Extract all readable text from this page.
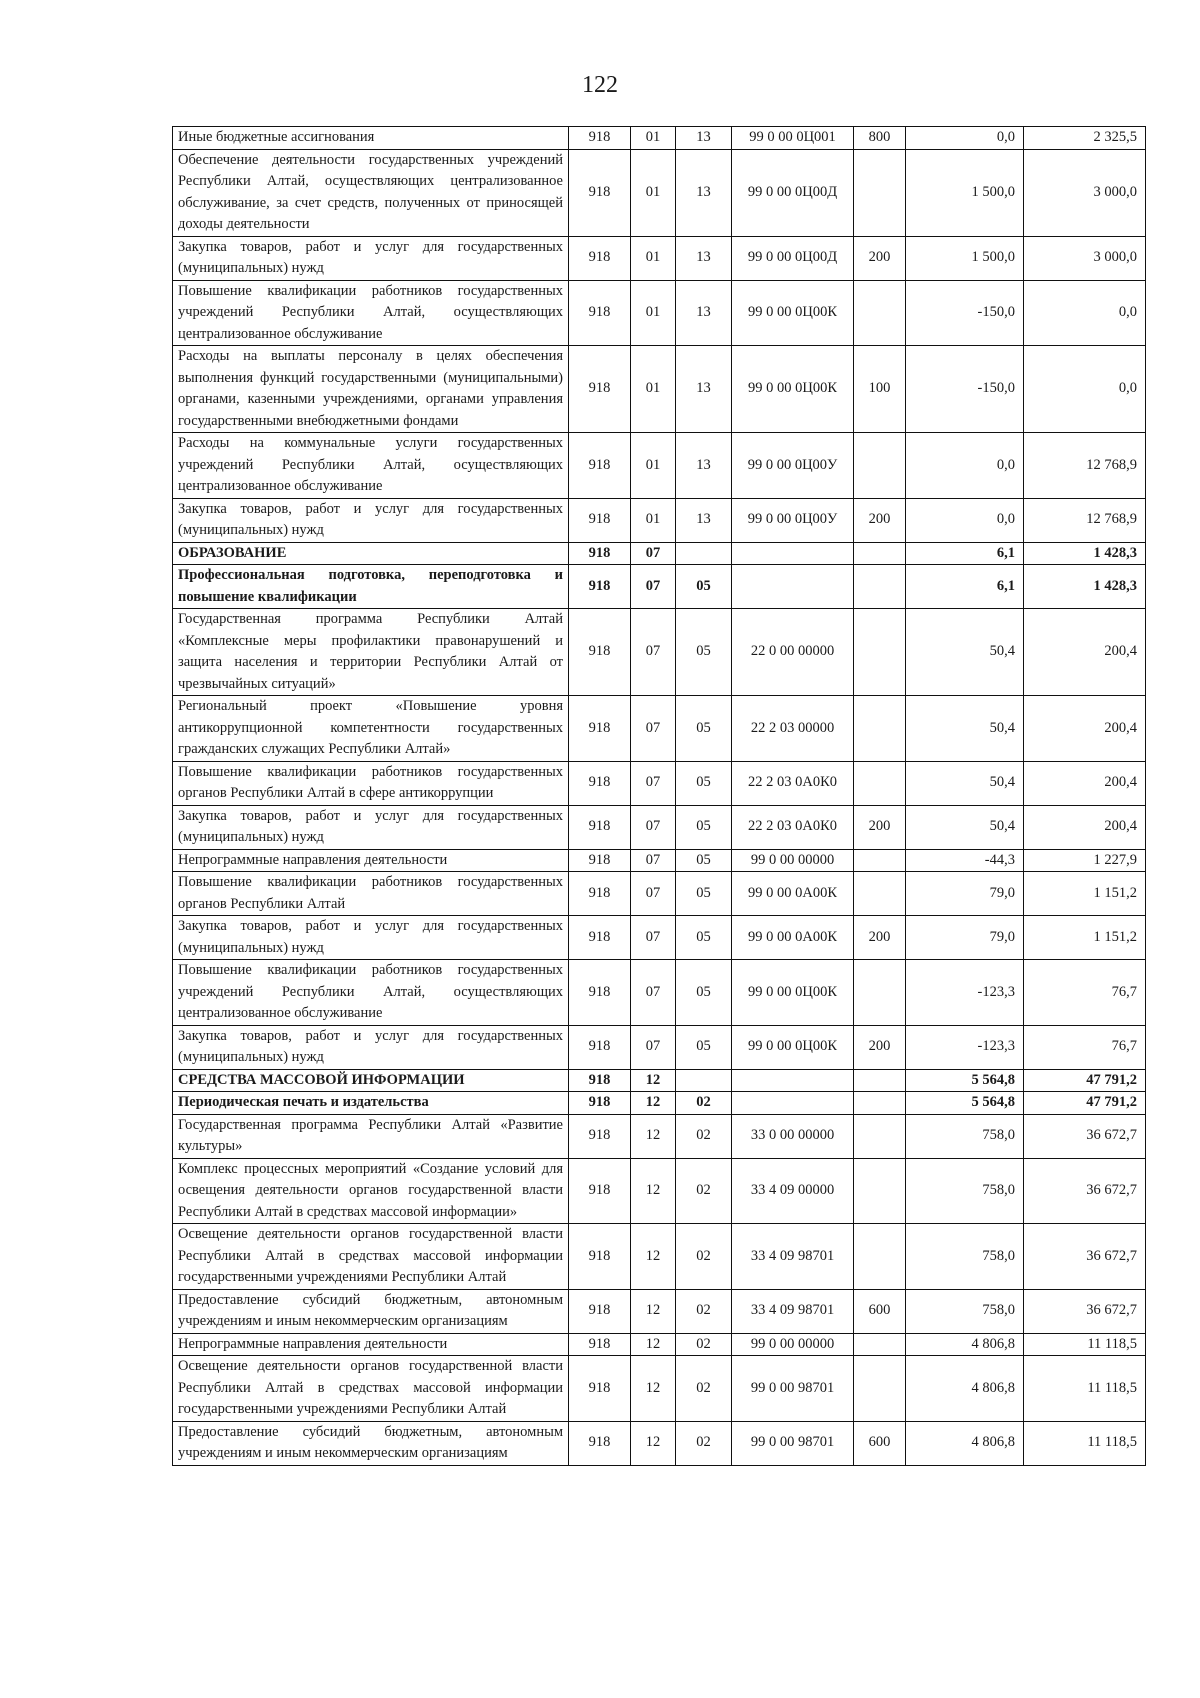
122
Иные бюджетные ассигнования	918	01	13	99 0 00 0Ц001	800	0,0	2 325,5
Обеспечение деятельности государственных учреждений Республики Алтай, осуществляющих централизованное обслуживание, за счет средств, полученных от приносящей доходы деятельности	918	01	13	99 0 00 0Ц00Д		1 500,0	3 000,0
Закупка товаров, работ и услуг для государственных (муниципальных) нужд	918	01	13	99 0 00 0Ц00Д	200	1 500,0	3 000,0
Повышение квалификации работников государственных учреждений Республики Алтай, осуществляющих централизованное обслуживание	918	01	13	99 0 00 0Ц00К		-150,0	0,0
Расходы на выплаты персоналу в целях обеспечения выполнения функций государственными (муниципальными) органами, казенными учреждениями, органами управления государственными внебюджетными фондами	918	01	13	99 0 00 0Ц00К	100	-150,0	0,0
Расходы на коммунальные услуги государственных учреждений Республики Алтай, осуществляющих централизованное обслуживание	918	01	13	99 0 00 0Ц00У		0,0	12 768,9
Закупка товаров, работ и услуг для государственных (муниципальных) нужд	918	01	13	99 0 00 0Ц00У	200	0,0	12 768,9
ОБРАЗОВАНИЕ	918	07				6,1	1 428,3
Профессиональная подготовка, переподготовка и повышение квалификации	918	07	05			6,1	1 428,3
Государственная программа Республики Алтай «Комплексные меры профилактики правонарушений и защита населения и территории Республики Алтай от чрезвычайных ситуаций»	918	07	05	22 0 00 00000		50,4	200,4
Региональный проект «Повышение уровня антикоррупционной компетентности государственных гражданских служащих Республики Алтай»	918	07	05	22 2 03 00000		50,4	200,4
Повышение квалификации работников государственных органов Республики Алтай в сфере антикоррупции	918	07	05	22 2 03 0А0К0		50,4	200,4
Закупка товаров, работ и услуг для государственных (муниципальных) нужд	918	07	05	22 2 03 0А0К0	200	50,4	200,4
Непрограммные направления деятельности	918	07	05	99 0 00 00000		-44,3	1 227,9
Повышение квалификации работников государственных органов Республики Алтай	918	07	05	99 0 00 0А00К		79,0	1 151,2
Закупка товаров, работ и услуг для государственных (муниципальных) нужд	918	07	05	99 0 00 0А00К	200	79,0	1 151,2
Повышение квалификации работников государственных учреждений Республики Алтай, осуществляющих централизованное обслуживание	918	07	05	99 0 00 0Ц00К		-123,3	76,7
Закупка товаров, работ и услуг для государственных (муниципальных) нужд	918	07	05	99 0 00 0Ц00К	200	-123,3	76,7
СРЕДСТВА МАССОВОЙ ИНФОРМАЦИИ	918	12				5 564,8	47 791,2
Периодическая печать и издательства	918	12	02			5 564,8	47 791,2
Государственная программа Республики Алтай «Развитие культуры»	918	12	02	33 0 00 00000		758,0	36 672,7
Комплекс процессных мероприятий «Создание условий для освещения деятельности органов государственной власти Республики Алтай в средствах массовой информации»	918	12	02	33 4 09 00000		758,0	36 672,7
Освещение деятельности органов государственной власти Республики Алтай в средствах массовой информации государственными учреждениями Республики Алтай	918	12	02	33 4 09 98701		758,0	36 672,7
Предоставление субсидий бюджетным, автономным учреждениям и иным некоммерческим организациям	918	12	02	33 4 09 98701	600	758,0	36 672,7
Непрограммные направления деятельности	918	12	02	99 0 00 00000		4 806,8	11 118,5
Освещение деятельности органов государственной власти Республики Алтай в средствах массовой информации государственными учреждениями Республики Алтай	918	12	02	99 0 00 98701		4 806,8	11 118,5
Предоставление субсидий бюджетным, автономным учреждениям и иным некоммерческим организациям	918	12	02	99 0 00 98701	600	4 806,8	11 118,5
